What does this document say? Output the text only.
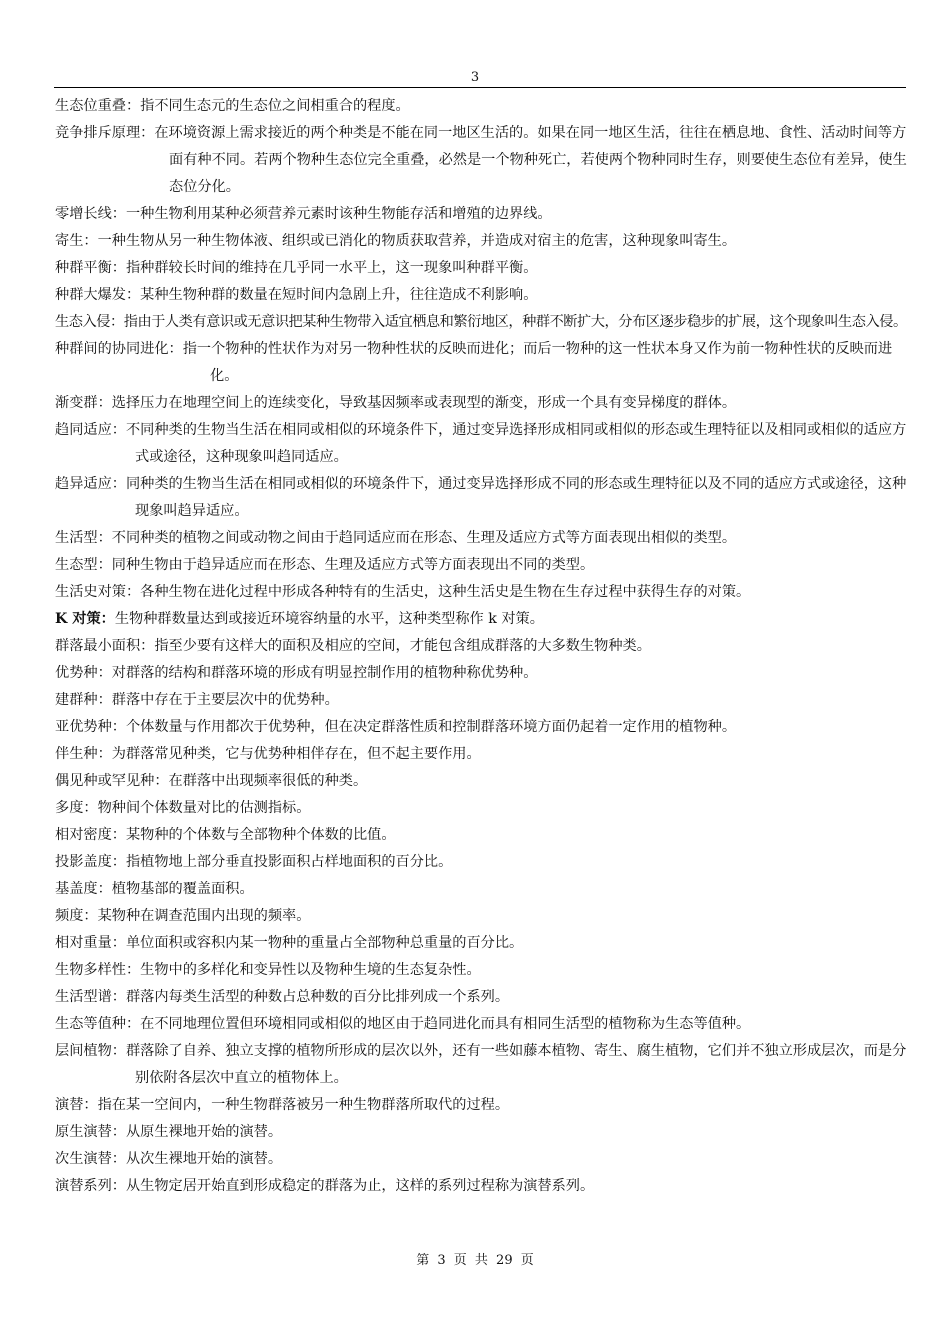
3

生态位重叠：指不同生态元的生态位之间相重合的程度。

竞争排斥原理：在环境资源上需求接近的两个种类是不能在同一地区生活的。如果在同一地区生活，往往在栖息地、食性、活动时间等方面有种不同。若两个物种生态位完全重叠，必然是一个物种死亡，若使两个物种同时生存，则要使生态位有差异，使生态位分化。

零增长线：一种生物利用某种必须营养元素时该种生物能存活和增殖的边界线。

寄生：一种生物从另一种生物体液、组织或已消化的物质获取营养，并造成对宿主的危害，这种现象叫寄生。

种群平衡：指种群较长时间的维持在几乎同一水平上，这一现象叫种群平衡。

种群大爆发：某种生物种群的数量在短时间内急剧上升，往往造成不利影响。

生态入侵：指由于人类有意识或无意识把某种生物带入适宜栖息和繁衍地区，种群不断扩大，分布区逐步稳步的扩展，这个现象叫生态入侵。

种群间的协同进化：指一个物种的性状作为对另一物种性状的反映而进化；而后一物种的这一性状本身又作为前一物种性状的反映而进化。

渐变群：选择压力在地理空间上的连续变化，导致基因频率或表现型的渐变，形成一个具有变异梯度的群体。

趋同适应：不同种类的生物当生活在相同或相似的环境条件下，通过变异选择形成相同或相似的形态或生理特征以及相同或相似的适应方式或途径，这种现象叫趋同适应。

趋异适应：同种类的生物当生活在相同或相似的环境条件下，通过变异选择形成不同的形态或生理特征以及不同的适应方式或途径，这种现象叫趋异适应。

生活型：不同种类的植物之间或动物之间由于趋同适应而在形态、生理及适应方式等方面表现出相似的类型。

生态型：同种生物由于趋异适应而在形态、生理及适应方式等方面表现出不同的类型。

生活史对策：各种生物在进化过程中形成各种特有的生活史，这种生活史是生物在生存过程中获得生存的对策。

K 对策：生物种群数量达到或接近环境容纳量的水平，这种类型称作 k 对策。

群落最小面积：指至少要有这样大的面积及相应的空间，才能包含组成群落的大多数生物种类。

优势种：对群落的结构和群落环境的形成有明显控制作用的植物种称优势种。

建群种：群落中存在于主要层次中的优势种。

亚优势种：个体数量与作用都次于优势种，但在决定群落性质和控制群落环境方面仍起着一定作用的植物种。

伴生种：为群落常见种类，它与优势种相伴存在，但不起主要作用。

偶见种或罕见种：在群落中出现频率很低的种类。

多度：物种间个体数量对比的估测指标。

相对密度：某物种的个体数与全部物种个体数的比值。

投影盖度：指植物地上部分垂直投影面积占样地面积的百分比。

基盖度：植物基部的覆盖面积。

频度：某物种在调查范围内出现的频率。

相对重量：单位面积或容积内某一物种的重量占全部物种总重量的百分比。

生物多样性：生物中的多样化和变异性以及物种生境的生态复杂性。

生活型谱：群落内每类生活型的种数占总种数的百分比排列成一个系列。

生态等值种：在不同地理位置但环境相同或相似的地区由于趋同进化而具有相同生活型的植物称为生态等值种。

层间植物：群落除了自养、独立支撑的植物所形成的层次以外，还有一些如藤本植物、寄生、腐生植物，它们并不独立形成层次，而是分别依附各层次中直立的植物体上。

演替：指在某一空间内，一种生物群落被另一种生物群落所取代的过程。

原生演替：从原生裸地开始的演替。

次生演替：从次生裸地开始的演替。

演替系列：从生物定居开始直到形成稳定的群落为止，这样的系列过程称为演替系列。

第 3 页 共 29 页
